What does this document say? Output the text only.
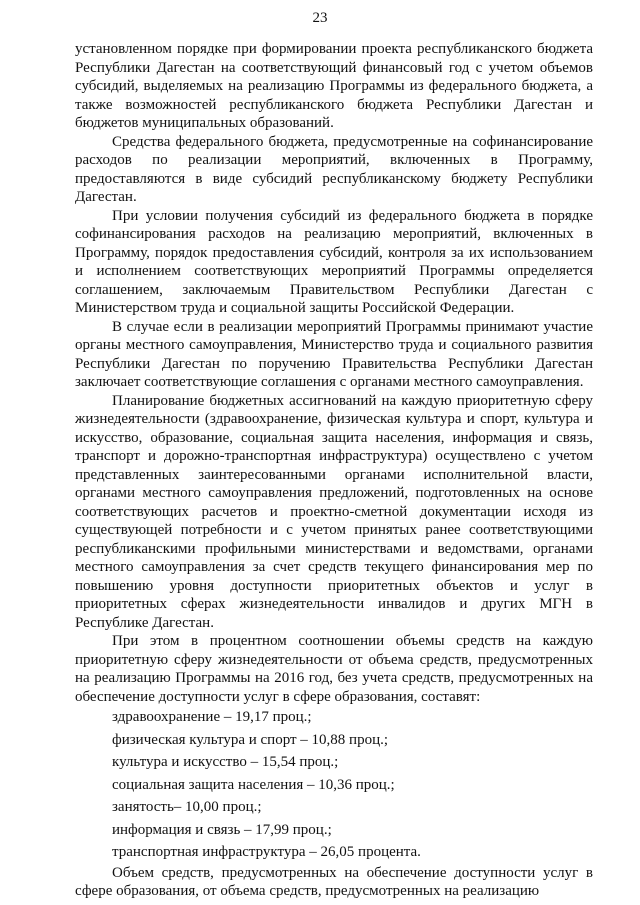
23

установленном порядке при формировании проекта республиканского бюджета Республики Дагестан на соответствующий финансовый год с учетом объемов субсидий, выделяемых на реализацию Программы из федерального бюджета, а также возможностей республиканского бюджета Республики Дагестан и бюджетов муниципальных образований.

Средства федерального бюджета, предусмотренные на софинансирование расходов по реализации мероприятий, включенных в Программу, предоставляются в виде субсидий республиканскому бюджету Республики Дагестан.

При условии получения субсидий из федерального бюджета в порядке софинансирования расходов на реализацию мероприятий, включенных в Программу, порядок предоставления субсидий, контроля за их использованием и исполнением соответствующих мероприятий Программы определяется соглашением, заключаемым Правительством Республики Дагестан с Министерством труда и социальной защиты Российской Федерации.

В случае если в реализации мероприятий Программы принимают участие органы местного самоуправления, Министерство труда и социального развития Республики Дагестан по поручению Правительства Республики Дагестан заключает соответствующие соглашения с органами местного самоуправления.

Планирование бюджетных ассигнований на каждую приоритетную сферу жизнедеятельности (здравоохранение, физическая культура и спорт, культура и искусство, образование, социальная защита населения, информация и связь, транспорт и дорожно-транспортная инфраструктура) осуществлено с учетом представленных заинтересованными органами исполнительной власти, органами местного самоуправления предложений, подготовленных на основе соответствующих расчетов и проектно-сметной документации исходя из существующей потребности и с учетом принятых ранее соответствующими республиканскими профильными министерствами и ведомствами, органами местного самоуправления за счет средств текущего финансирования мер по повышению уровня доступности приоритетных объектов и услуг в приоритетных сферах жизнедеятельности инвалидов и других МГН в Республике Дагестан.

При этом в процентном соотношении объемы средств на каждую приоритетную сферу жизнедеятельности от объема средств, предусмотренных на реализацию Программы на 2016 год, без учета средств, предусмотренных на обеспечение доступности услуг в сфере образования, составят:

здравоохранение – 19,17 проц.;
физическая культура и спорт – 10,88 проц.;
культура и искусство – 15,54 проц.;
социальная защита населения – 10,36 проц.;
занятость– 10,00 проц.;
информация и связь – 17,99 проц.;
транспортная инфраструктура – 26,05 процента.

Объем средств, предусмотренных на обеспечение доступности услуг в сфере образования, от объема средств, предусмотренных на реализацию
